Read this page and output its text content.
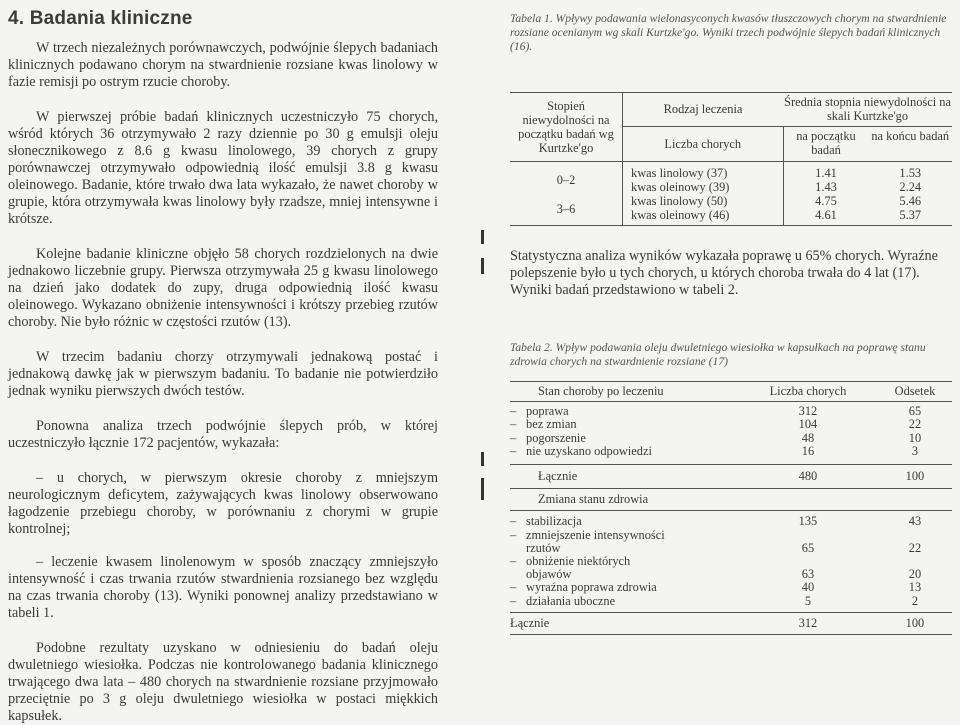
4. Badania kliniczne

W trzech niezależnych porównawczych, podwójnie ślepych badaniach klinicznych podawano chorym na stwardnienie rozsiane kwas linolowy w fazie remisji po ostrym rzucie choroby.

W pierwszej próbie badań klinicznych uczestniczyło 75 chorych, wśród których 36 otrzymywało 2 razy dziennie po 30 g emulsji oleju słonecznikowego z 8.6 g kwasu linolowego, 39 chorych z grupy porównawczej otrzymywało odpowiednią ilość emulsji 3.8 g kwasu oleinowego. Badanie, które trwało dwa lata wykazało, że nawet choroby w grupie, która otrzymywała kwas linolowy były rzadsze, mniej intensywne i krótsze.

Kolejne badanie kliniczne objęło 58 chorych rozdzielonych na dwie jednakowo liczebnie grupy. Pierwsza otrzymywała 25 g kwasu linolowego na dzień jako dodatek do zupy, druga odpowiednią ilość kwasu oleinowego. Wykazano obniżenie intensywności i krótszy przebieg rzutów choroby. Nie było różnic w częstości rzutów (13).

W trzecim badaniu chorzy otrzymywali jednakową postać i jednakową dawkę jak w pierwszym badaniu. To badanie nie potwierdziło jednak wyniku pierwszych dwóch testów.

Ponowna analiza trzech podwójnie ślepych prób, w której uczestniczyło łącznie 172 pacjentów, wykazała:

– u chorych, w pierwszym okresie choroby z mniejszym neurologicznym deficytem, zażywających kwas linolowy obserwowano łagodzenie przebiegu choroby, w porównaniu z chorymi w grupie kontrolnej;

– leczenie kwasem linolenowym w sposób znaczący zmniejszyło intensywność i czas trwania rzutów stwardnienia rozsianego bez względu na czas trwania choroby (13). Wyniki ponownej analizy przedstawiano w tabeli 1.

Podobne rezultaty uzyskano w odniesieniu do badań oleju dwuletniego wiesiołka. Podczas nie kontrolowanego badania klinicznego trwającego dwa lata – 480 chorych na stwardnienie rozsiane przyjmowało przeciętnie po 3 g oleju dwuletniego wiesiołka w postaci miękkich kapsułek.

Tabela 1. Wpływy podawania wielonasyconych kwasów tłuszczowych chorym na stwardnienie rozsiane ocenianym wg skali Kurtzke'go. Wyniki trzech podwójnie ślepych badań klinicznych (16).
Stopień niewydolności na początku badań wg Kurtzke'go	Rodzaj leczenia	Średnia stopnia niewydolności na skali Kurtzke'go	
	Liczba chorych	na początku badań	na końcu badań
0–2	kwas linolowy (37)	1.41	1.53
	kwas oleinowy (39)	1.43	2.24
3–6	kwas linolowy (50)	4.75	5.46
	kwas oleinowy (46)	4.61	5.37

Statystyczna analiza wyników wykazała poprawę u 65% chorych. Wyraźne polepszenie było u tych chorych, u których choroba trwała do 4 lat (17). Wyniki badań przedstawiono w tabeli 2.

Tabela 2. Wpływ podawania oleju dwuletniego wiesiołka w kapsułkach na poprawę stanu zdrowia chorych na stwardnienie rozsiane (17)
Stan choroby po leczeniu	Liczba chorych	Odsetek
– poprawa	312	65
– bez zmian	104	22
– pogorszenie	48	10
– nie uzyskano odpowiedzi	16	3
Łącznie	480	100
Zmiana stanu zdrowia		
– stabilizacja	135	43
– zmniejszenie intensywności		
rzutów	65	22
– obniżenie niektórych		
objawów	63	20
– wyraźna poprawa zdrowia	40	13
– działania uboczne	5	2
Łącznie	312	100
